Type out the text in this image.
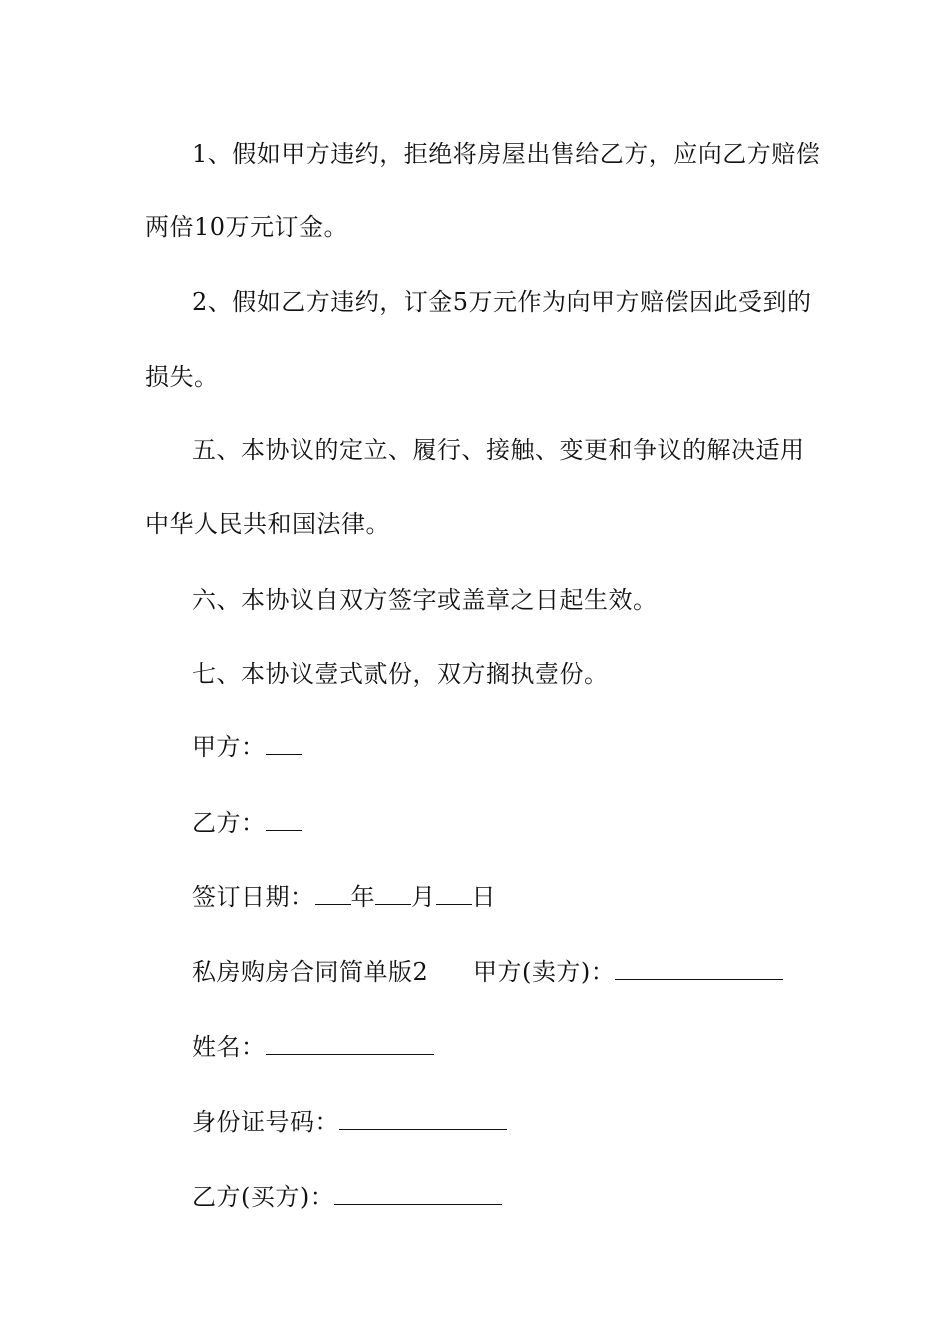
1、假如甲方违约，拒绝将房屋出售给乙方，应向乙方赔偿
两倍10万元订金。
2、假如乙方违约，订金5万元作为向甲方赔偿因此受到的
损失。
五、本协议的定立、履行、接触、变更和争议的解决适用
中华人民共和国法律。
六、本协议自双方签字或盖章之日起生效。
七、本协议壹式贰份，双方搁执壹份。
甲方：
乙方：
签订日期： 年 月 日
私房购房合同简单版2 甲方(卖方)：
姓名：
身份证号码：
乙方(买方)：
